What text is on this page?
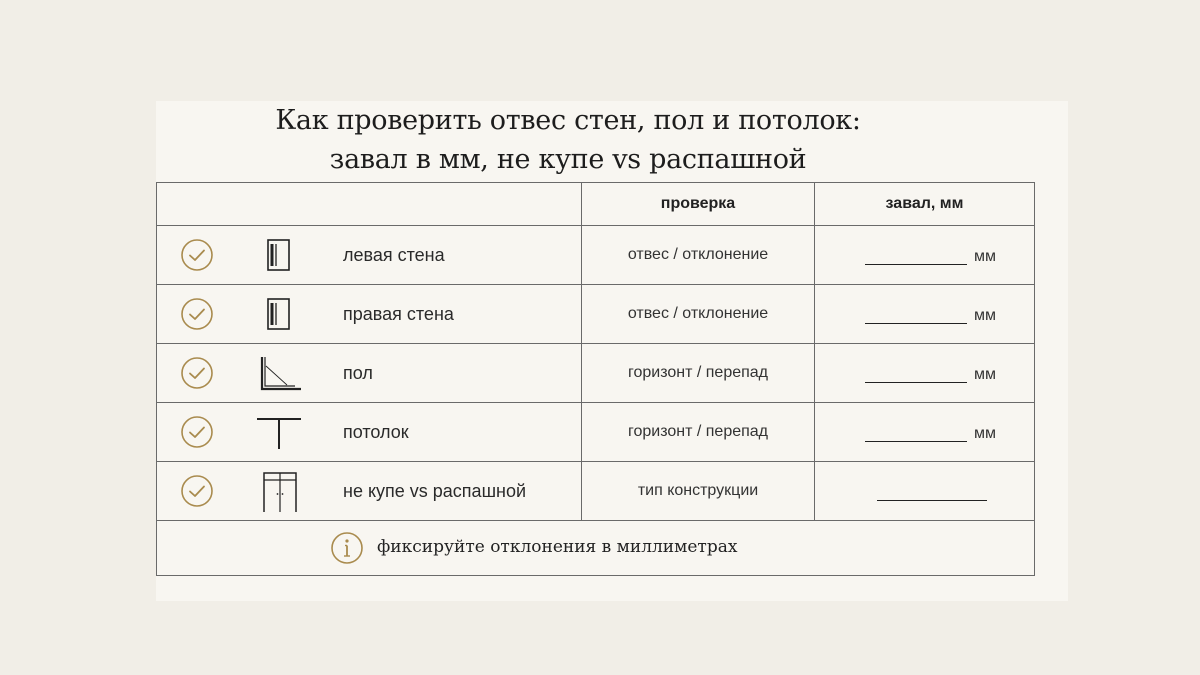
Как проверить отвес стен, пол и потолок:
завал в мм, не купе vs распашной
	проверка	завал, мм

левая стена	отвес / отклонение	мм

правая стена	отвес / отклонение	мм

пол	горизонт / перепад	мм

потолок	горизонт / перепад	мм

не купе vs распашной	тип конструкции	

фиксируйте отклонения в миллиметрах		
